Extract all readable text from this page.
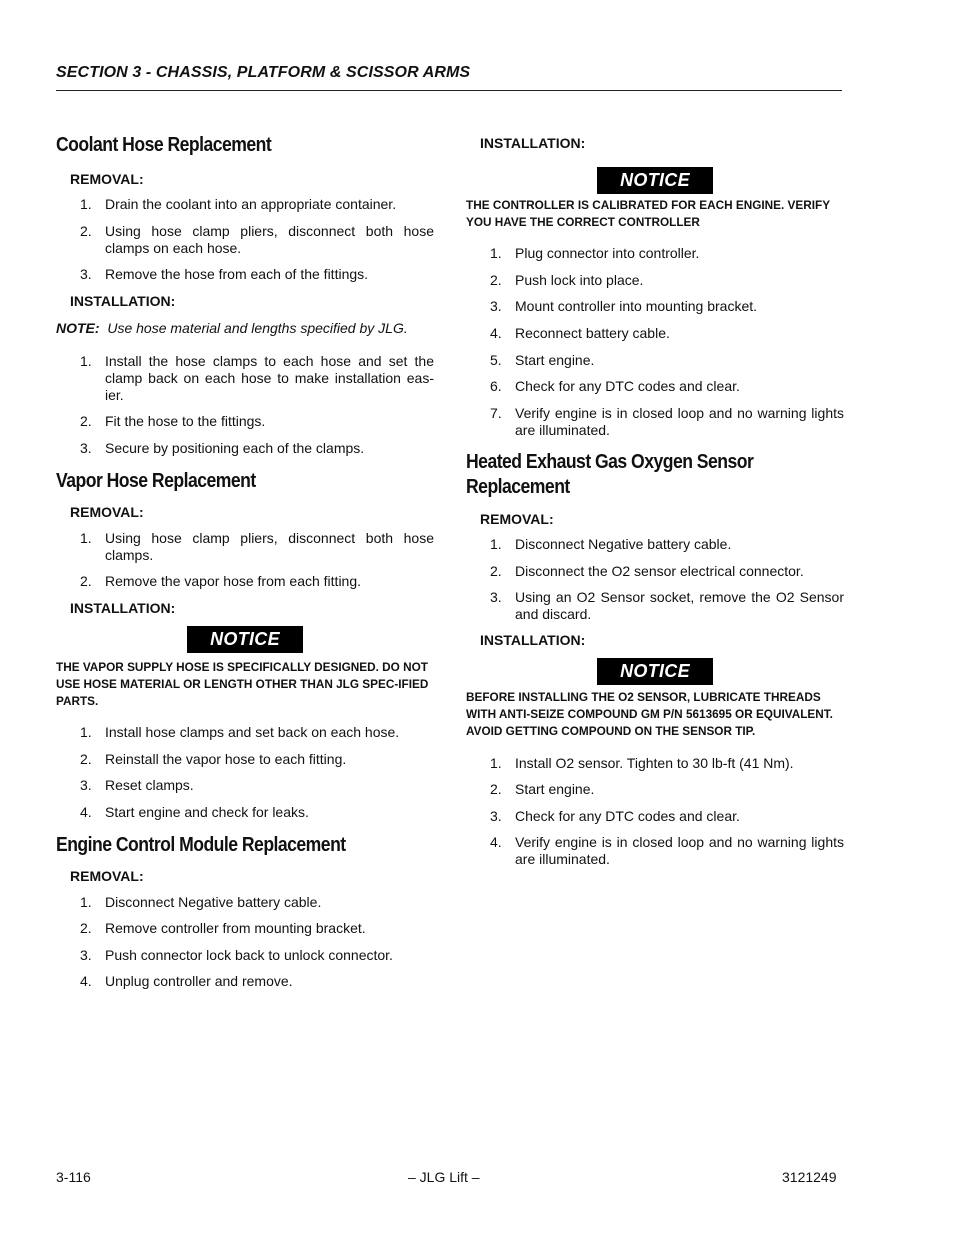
SECTION 3 - CHASSIS, PLATFORM & SCISSOR ARMS
Coolant Hose Replacement
REMOVAL:
1. Drain the coolant into an appropriate container.
2. Using hose clamp pliers, disconnect both hose clamps on each hose.
3. Remove the hose from each of the fittings.
INSTALLATION:
NOTE: Use hose material and lengths specified by JLG.
1. Install the hose clamps to each hose and set the clamp back on each hose to make installation eas-ier.
2. Fit the hose to the fittings.
3. Secure by positioning each of the clamps.
Vapor Hose Replacement
REMOVAL:
1. Using hose clamp pliers, disconnect both hose clamps.
2. Remove the vapor hose from each fitting.
INSTALLATION:
NOTICE
THE VAPOR SUPPLY HOSE IS SPECIFICALLY DESIGNED. DO NOT USE HOSE MATERIAL OR LENGTH OTHER THAN JLG SPEC-IFIED PARTS.
1. Install hose clamps and set back on each hose.
2. Reinstall the vapor hose to each fitting.
3. Reset clamps.
4. Start engine and check for leaks.
Engine Control Module Replacement
REMOVAL:
1. Disconnect Negative battery cable.
2. Remove controller from mounting bracket.
3. Push connector lock back to unlock connector.
4. Unplug controller and remove.
INSTALLATION:
NOTICE
THE CONTROLLER IS CALIBRATED FOR EACH ENGINE. VERIFY YOU HAVE THE CORRECT CONTROLLER
1. Plug connector into controller.
2. Push lock into place.
3. Mount controller into mounting bracket.
4. Reconnect battery cable.
5. Start engine.
6. Check for any DTC codes and clear.
7. Verify engine is in closed loop and no warning lights are illuminated.
Heated Exhaust Gas Oxygen Sensor
Replacement
REMOVAL:
1. Disconnect Negative battery cable.
2. Disconnect the O2 sensor electrical connector.
3. Using an O2 Sensor socket, remove the O2 Sensor and discard.
INSTALLATION:
NOTICE
BEFORE INSTALLING THE O2 SENSOR, LUBRICATE THREADS WITH ANTI-SEIZE COMPOUND GM P/N 5613695 OR EQUIVALENT. AVOID GETTING COMPOUND ON THE SENSOR TIP.
1. Install O2 sensor. Tighten to 30 lb-ft (41 Nm).
2. Start engine.
3. Check for any DTC codes and clear.
4. Verify engine is in closed loop and no warning lights are illuminated.
3-116	– JLG Lift –	3121249
